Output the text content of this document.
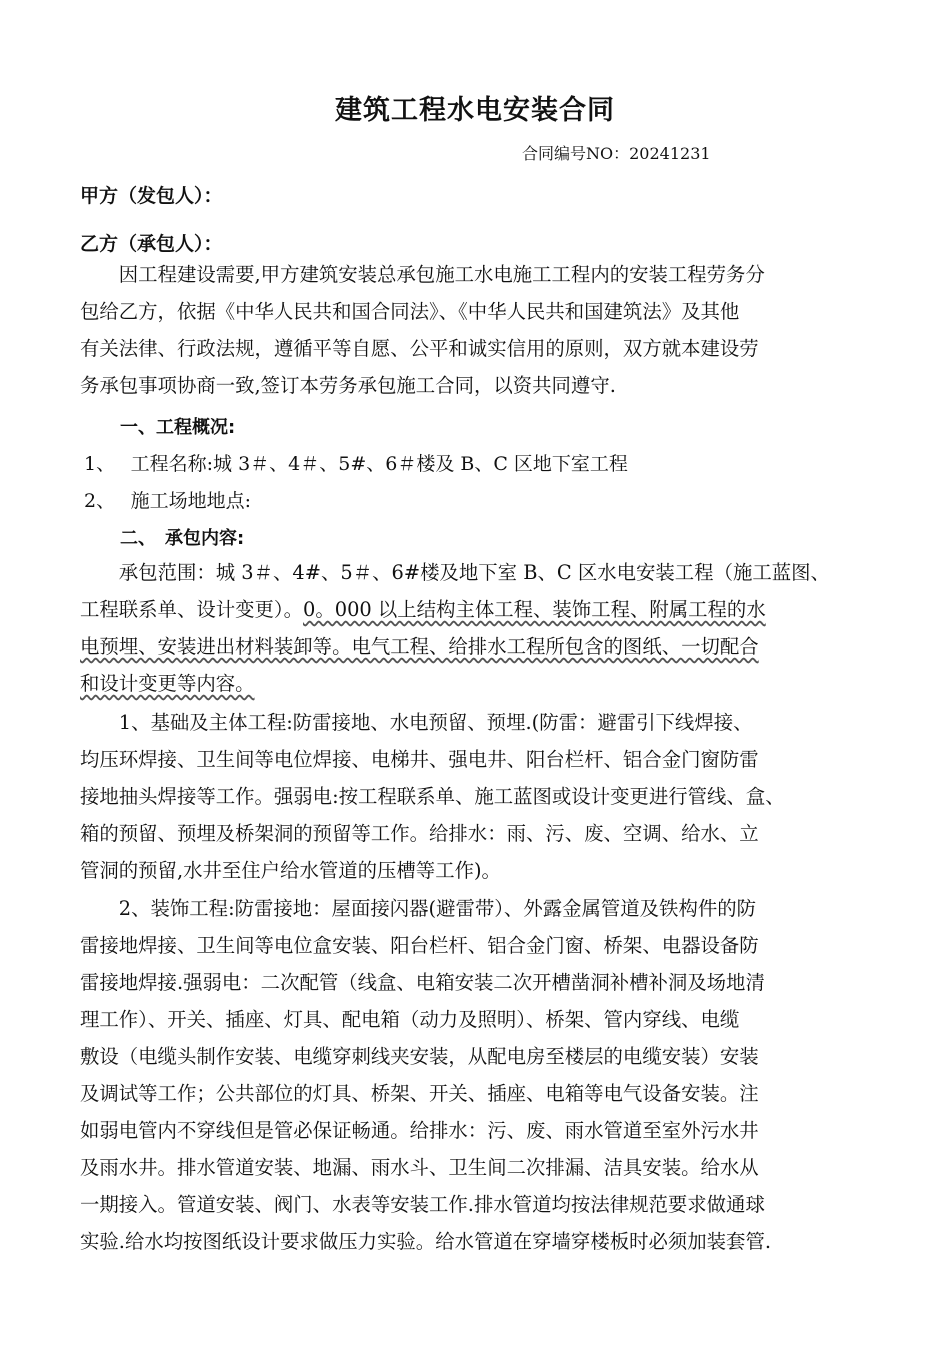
建筑工程水电安装合同
合同编号NO：20241231
甲方（发包人）：
乙方（承包人）：
　　因工程建设需要,甲方建筑安装总承包施工水电施工工程内的安装工程劳务分
包给乙方，依据《中华人民共和国合同法》、《中华人民共和国建筑法》及其他
有关法律、行政法规，遵循平等自愿、公平和诚实信用的原则，双方就本建设劳
务承包事项协商一致,签订本劳务承包施工合同，以资共同遵守.
一、工程概况:
1、　 工程名称:城 3＃、4＃、5#、6＃楼及 B、C 区地下室工程
2、　 施工场地地点:
二、　承包内容:
　　承包范围：城 3＃、4#、5＃、6#楼及地下室 B、C 区水电安装工程（施工蓝图、
工程联系单、设计变更）。0。000 以上结构主体工程、装饰工程、附属工程的水
电预埋、安装进出材料装卸等。电气工程、给排水工程所包含的图纸、一切配合
和设计变更等内容。
　　1、基础及主体工程:防雷接地、水电预留、预埋.(防雷：避雷引下线焊接、
均压环焊接、卫生间等电位焊接、电梯井、强电井、阳台栏杆、铝合金门窗防雷
接地抽头焊接等工作。强弱电:按工程联系单、施工蓝图或设计变更进行管线、盒、
箱的预留、预埋及桥架洞的预留等工作。给排水：雨、污、废、空调、给水、立
管洞的预留,水井至住户给水管道的压槽等工作)。
　　2、装饰工程:防雷接地：屋面接闪器(避雷带）、外露金属管道及铁构件的防
雷接地焊接、卫生间等电位盒安装、阳台栏杆、铝合金门窗、桥架、电器设备防
雷接地焊接.强弱电：二次配管（线盒、电箱安装二次开槽凿洞补槽补洞及场地清
理工作）、开关、插座、灯具、配电箱（动力及照明）、桥架、管内穿线、电缆
敷设（电缆头制作安装、电缆穿刺线夹安装，从配电房至楼层的电缆安装）安装
及调试等工作；公共部位的灯具、桥架、开关、插座、电箱等电气设备安装。注
如弱电管内不穿线但是管必保证畅通。给排水：污、废、雨水管道至室外污水井
及雨水井。排水管道安装、地漏、雨水斗、卫生间二次排漏、洁具安装。给水从
一期接入。管道安装、阀门、水表等安装工作.排水管道均按法律规范要求做通球
实验.给水均按图纸设计要求做压力实验。给水管道在穿墙穿楼板时必须加装套管.
